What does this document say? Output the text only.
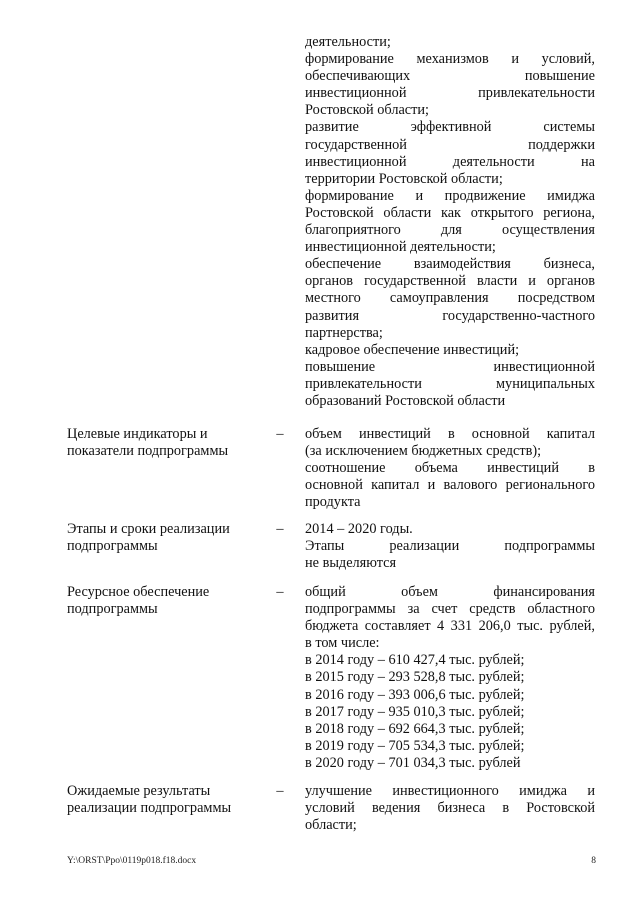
деятельности;
формирование механизмов и условий,
обеспечивающих повышение
инвестиционной привлекательности
Ростовской области;
развитие эффективной системы
государственной поддержки
инвестиционной деятельности на
территории Ростовской области;
формирование и продвижение имиджа
Ростовской области как открытого региона,
благоприятного для осуществления
инвестиционной деятельности;
обеспечение взаимодействия бизнеса,
органов государственной власти и органов
местного самоуправления посредством
развития государственно-частного
партнерства;
кадровое обеспечение инвестиций;
повышение инвестиционной
привлекательности муниципальных
образований Ростовской области
Целевые индикаторы и
показатели подпрограммы
– объем инвестиций в основной капитал
(за исключением бюджетных средств);
соотношение объема инвестиций в
основной капитал и валового регионального
продукта
Этапы и сроки реализации
подпрограммы
– 2014 – 2020 годы.
Этапы реализации подпрограммы
не выделяются
Ресурсное обеспечение
подпрограммы
– общий объем финансирования
подпрограммы за счет средств областного
бюджета составляет 4 331 206,0 тыс. рублей,
в том числе:
в 2014 году – 610 427,4 тыс. рублей;
в 2015 году – 293 528,8 тыс. рублей;
в 2016 году – 393 006,6 тыс. рублей;
в 2017 году – 935 010,3 тыс. рублей;
в 2018 году – 692 664,3 тыс. рублей;
в 2019 году – 705 534,3 тыс. рублей;
в 2020 году – 701 034,3 тыс. рублей
Ожидаемые результаты
реализации подпрограммы
– улучшение инвестиционного имиджа и
условий ведения бизнеса в Ростовской
области;
Y:\ORST\Ppo\0119p018.f18.docx	8
